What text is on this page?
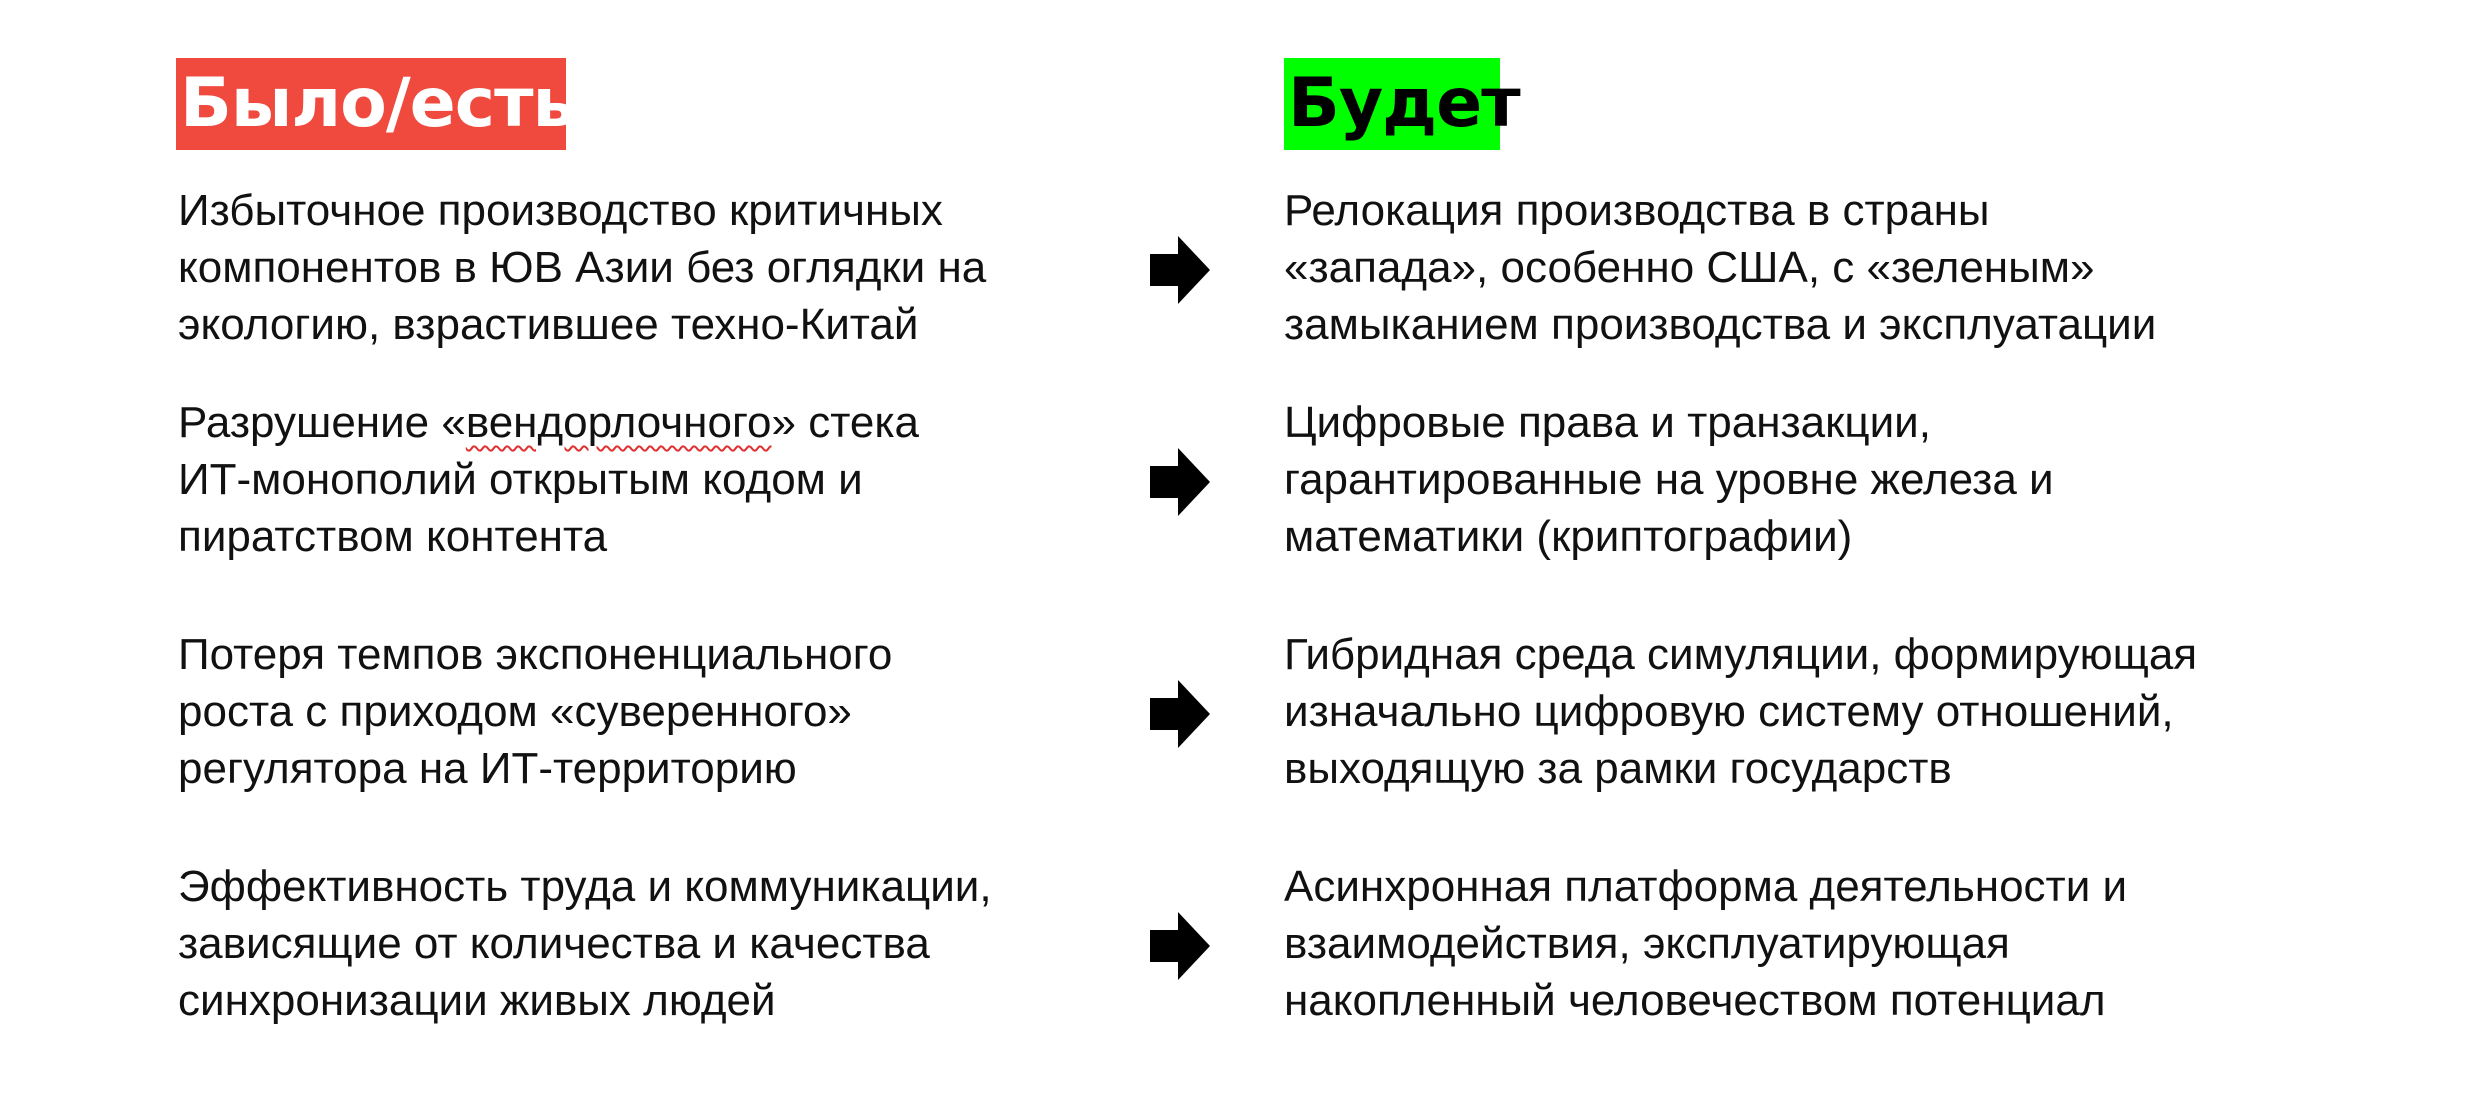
Было/есть	Будет
Избыточное производство критичных
компонентов в ЮВ Азии без оглядки на
экологию, взрастившее техно-Китай
Релокация производства в страны
«запада», особенно США, с «зеленым»
замыканием производства и эксплуатации
Разрушение «вендорлочного» стека
ИТ-монополий открытым кодом и
пиратством контента
Цифровые права и транзакции,
гарантированные на уровне железа и
математики (криптографии)
Потеря темпов экспоненциального
роста с приходом «суверенного»
регулятора на ИТ-территорию
Гибридная среда симуляции, формирующая
изначально цифровую систему отношений,
выходящую за рамки государств
Эффективность труда и коммуникации,
зависящие от количества и качества
синхронизации живых людей
Асинхронная платформа деятельности и
взаимодействия, эксплуатирующая
накопленный человечеством потенциал
